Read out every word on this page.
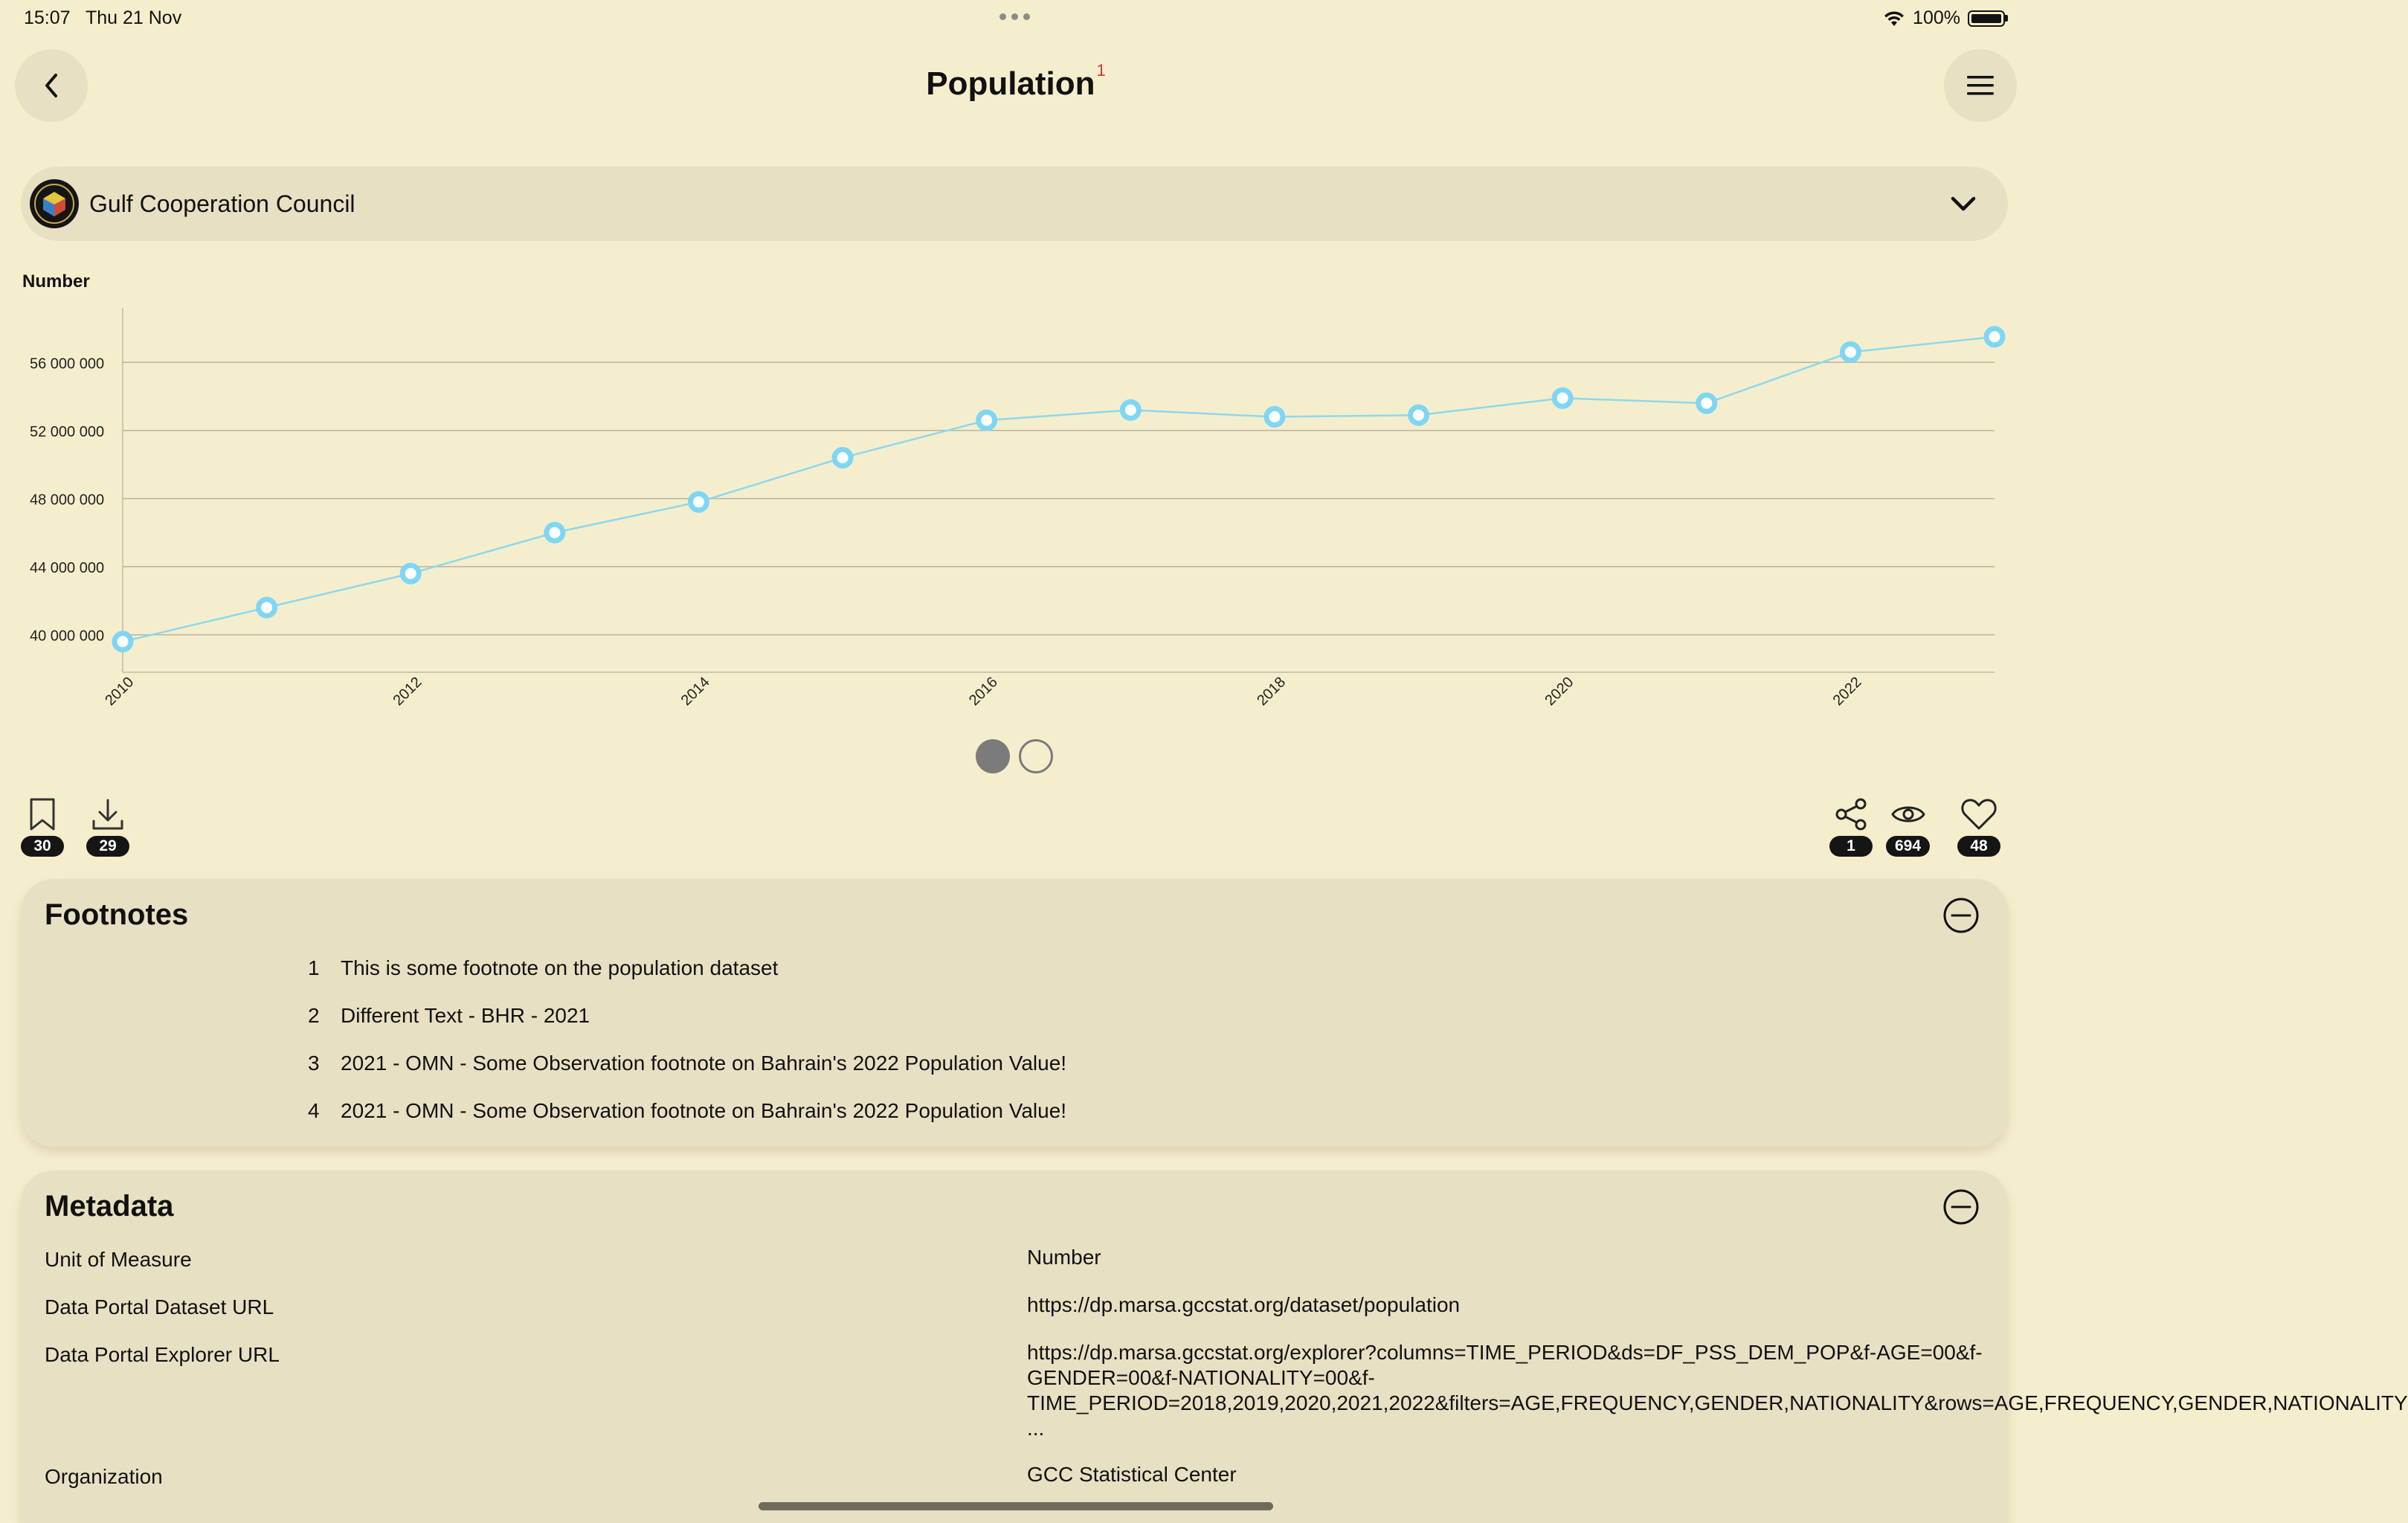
15:07 Thu 21 Nov	100%
Population$^1$
Gulf Cooperation Council
Number
40 000 000
44 000 000
48 000 000
52 000 000
56 000 000
2010	2012	2014	2016	2018	2020	2022
30	29	1	694	48
Footnotes
1 This is some footnote on the population dataset
2 Different Text - BHR - 2021
3 2021 - OMN - Some Observation footnote on Bahrain's 2022 Population Value!
4 2021 - OMN - Some Observation footnote on Bahrain's 2022 Population Value!
Metadata
Unit of Measure	Number
Data Portal Dataset URL	https://dp.marsa.gccstat.org/dataset/population
Data Portal Explorer URL	https://dp.marsa.gccstat.org/explorer?columns=TIME_PERIOD&ds=DF_PSS_DEM_POP&f-AGE=00&f-
GENDER=00&f-NATIONALITY=00&f-
TIME_PERIOD=2018,2019,2020,2021,2022&filters=AGE,FREQUENCY,GENDER,NATIONALITY&rows=AGE,FREQUENCY,GENDER,NATIONALITY
...
Organization	GCC Statistical Center
